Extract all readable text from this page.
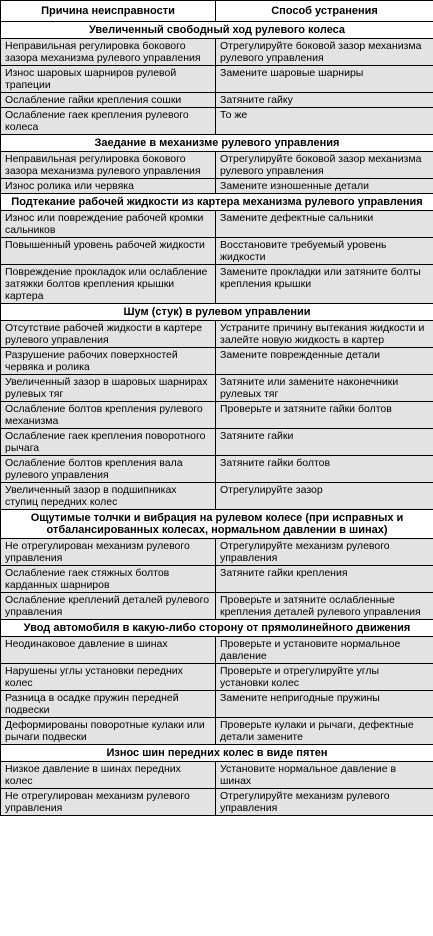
Причина неисправности	Способ устранения
Увеличенный свободный ход рулевого колеса	
Неправильная регулировка бокового зазора механизма рулевого управления	Отрегулируйте боковой зазор механизма рулевого управления
Износ шаровых шарниров рулевой трапеции	Замените шаровые шарниры
Ослабление гайки крепления сошки	Затяните гайку
Ослабление гаек крепления рулевого колеса	То же
Заедание в механизме рулевого управления	
Неправильная регулировка бокового зазора механизма рулевого управления	Отрегулируйте боковой зазор механизма рулевого управления
Износ ролика или червяка	Замените изношенные детали
Подтекание рабочей жидкости из картера механизма рулевого управления	
Износ или повреждение рабочей кромки сальников	Замените дефектные сальники
Повышенный уровень рабочей жидкости	Восстановите требуемый уровень жидкости
Повреждение прокладок или ослабление затяжки болтов крепления крышки картера	Замените прокладки или затяните болты крепления крышки
Шум (стук) в рулевом управлении	
Отсутствие рабочей жидкости в картере рулевого управления	Устраните причину вытекания жидкости и залейте новую жидкость в картер
Разрушение рабочих поверхностей червяка и ролика	Замените поврежденные детали
Увеличенный зазор в шаровых шарнирах рулевых тяг	Затяните или замените наконечники рулевых тяг
Ослабление болтов крепления рулевого механизма	Проверьте и затяните гайки болтов
Ослабление гаек крепления поворотного рычага	Затяните гайки
Ослабление болтов крепления вала рулевого управления	Затяните гайки болтов
Увеличенный зазор в подшипниках ступиц передних колес	Отрегулируйте зазор
Ощутимые толчки и вибрация на рулевом колесе (при исправных и отбалансированных колесах, нормальном давлении в шинах)	
Не отрегулирован механизм рулевого управления	Отрегулируйте механизм рулевого управления
Ослабление гаек стяжных болтов карданных шарниров	Затяните гайки крепления
Ослабление креплений деталей рулевого управления	Проверьте и затяните ослабленные крепления деталей рулевого управления
Увод автомобиля в какую-либо сторону от прямолинейного движения	
Неодинаковое давление в шинах	Проверьте и установите нормальное давление
Нарушены углы установки передних колес	Проверьте и отрегулируйте углы установки колес
Разница в осадке пружин передней подвески	Замените непригодные пружины
Деформированы поворотные кулаки или рычаги подвески	Проверьте кулаки и рычаги, дефектные детали замените
Износ шин передних колес в виде пятен	
Низкое давление в шинах передних колес	Установите нормальное давление в шинах
Не отрегулирован механизм рулевого управления	Отрегулируйте механизм рулевого управления
